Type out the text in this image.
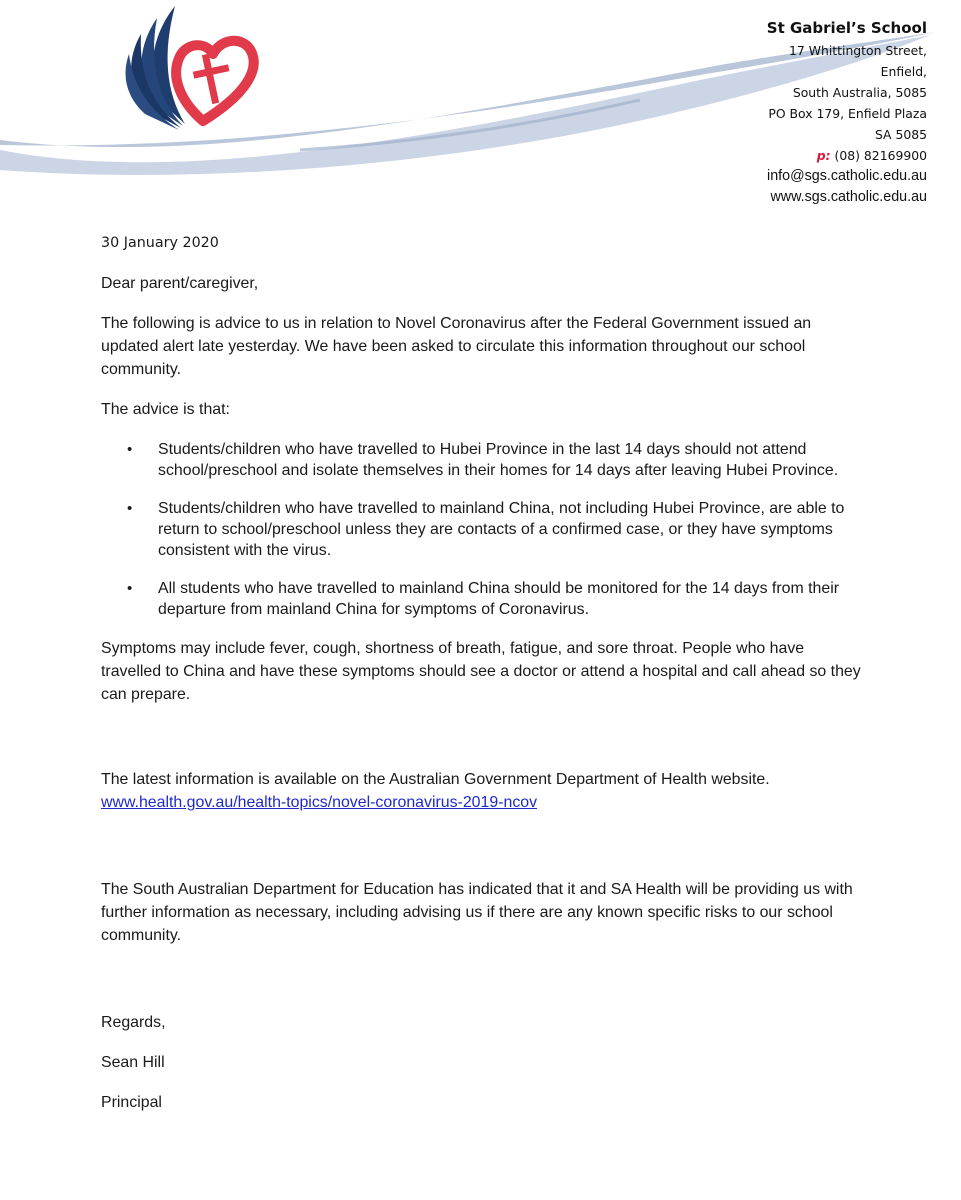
St Gabriel’s School
17 Whittington Street,
Enfield,
South Australia, 5085
PO Box 179, Enfield Plaza
SA 5085
p: (08) 82169900
info@sgs.catholic.edu.au
www.sgs.catholic.edu.au
30 January 2020

Dear parent/caregiver,

The following is advice to us in relation to Novel Coronavirus after the Federal Government issued an updated alert late yesterday. We have been asked to circulate this information throughout our school community.

The advice is that:

• Students/children who have travelled to Hubei Province in the last 14 days should not attend school/preschool and isolate themselves in their homes for 14 days after leaving Hubei Province.
• Students/children who have travelled to mainland China, not including Hubei Province, are able to return to school/preschool unless they are contacts of a confirmed case, or they have symptoms consistent with the virus.
• All students who have travelled to mainland China should be monitored for the 14 days from their departure from mainland China for symptoms of Coronavirus.

Symptoms may include fever, cough, shortness of breath, fatigue, and sore throat. People who have travelled to China and have these symptoms should see a doctor or attend a hospital and call ahead so they can prepare.

The latest information is available on the Australian Government Department of Health website. www.health.gov.au/health-topics/novel-coronavirus-2019-ncov

The South Australian Department for Education has indicated that it and SA Health will be providing us with further information as necessary, including advising us if there are any known specific risks to our school community.

Regards,

Sean Hill

Principal
